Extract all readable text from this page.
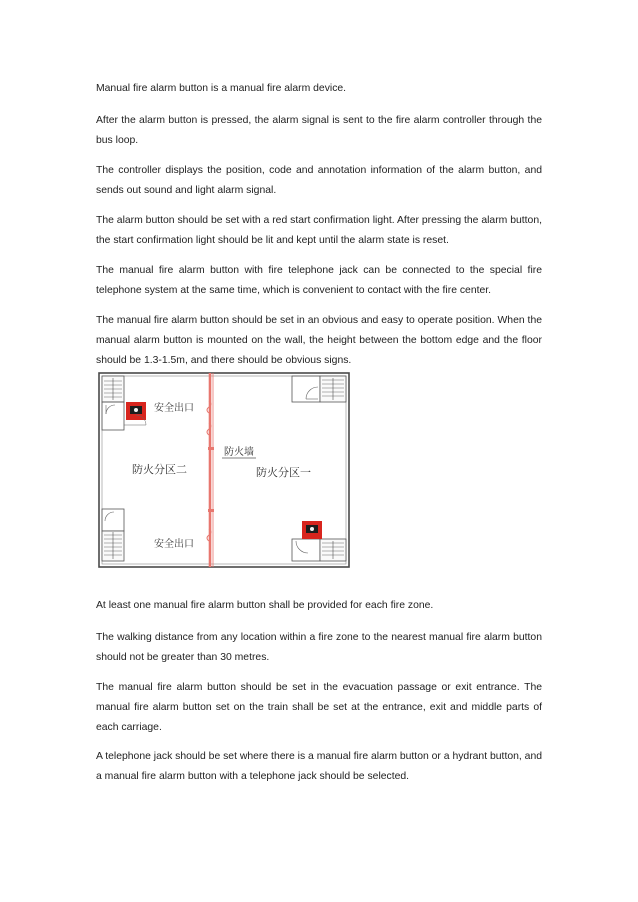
Manual fire alarm button is a manual fire alarm device.

After the alarm button is pressed, the alarm signal is sent to the fire alarm controller through the bus loop.

The controller displays the position, code and annotation information of the alarm button, and sends out sound and light alarm signal.

The alarm button should be set with a red start confirmation light. After pressing the alarm button, the start confirmation light should be lit and kept until the alarm state is reset.

The manual fire alarm button with fire telephone jack can be connected to the special fire telephone system at the same time, which is convenient to contact with the fire center.

The manual fire alarm button should be set in an obvious and easy to operate position. When the manual alarm button is mounted on the wall, the height between the bottom edge and the floor should be 1.3-1.5m, and there should be obvious signs.

安全出口
安全出口
防火墙
防火分区二	防火分区一

At least one manual fire alarm button shall be provided for each fire zone.

The walking distance from any location within a fire zone to the nearest manual fire alarm button should not be greater than 30 metres.

The manual fire alarm button should be set in the evacuation passage or exit entrance. The manual fire alarm button set on the train shall be set at the entrance, exit and middle parts of each carriage.

A telephone jack should be set where there is a manual fire alarm button or a hydrant button, and a manual fire alarm button with a telephone jack should be selected.
